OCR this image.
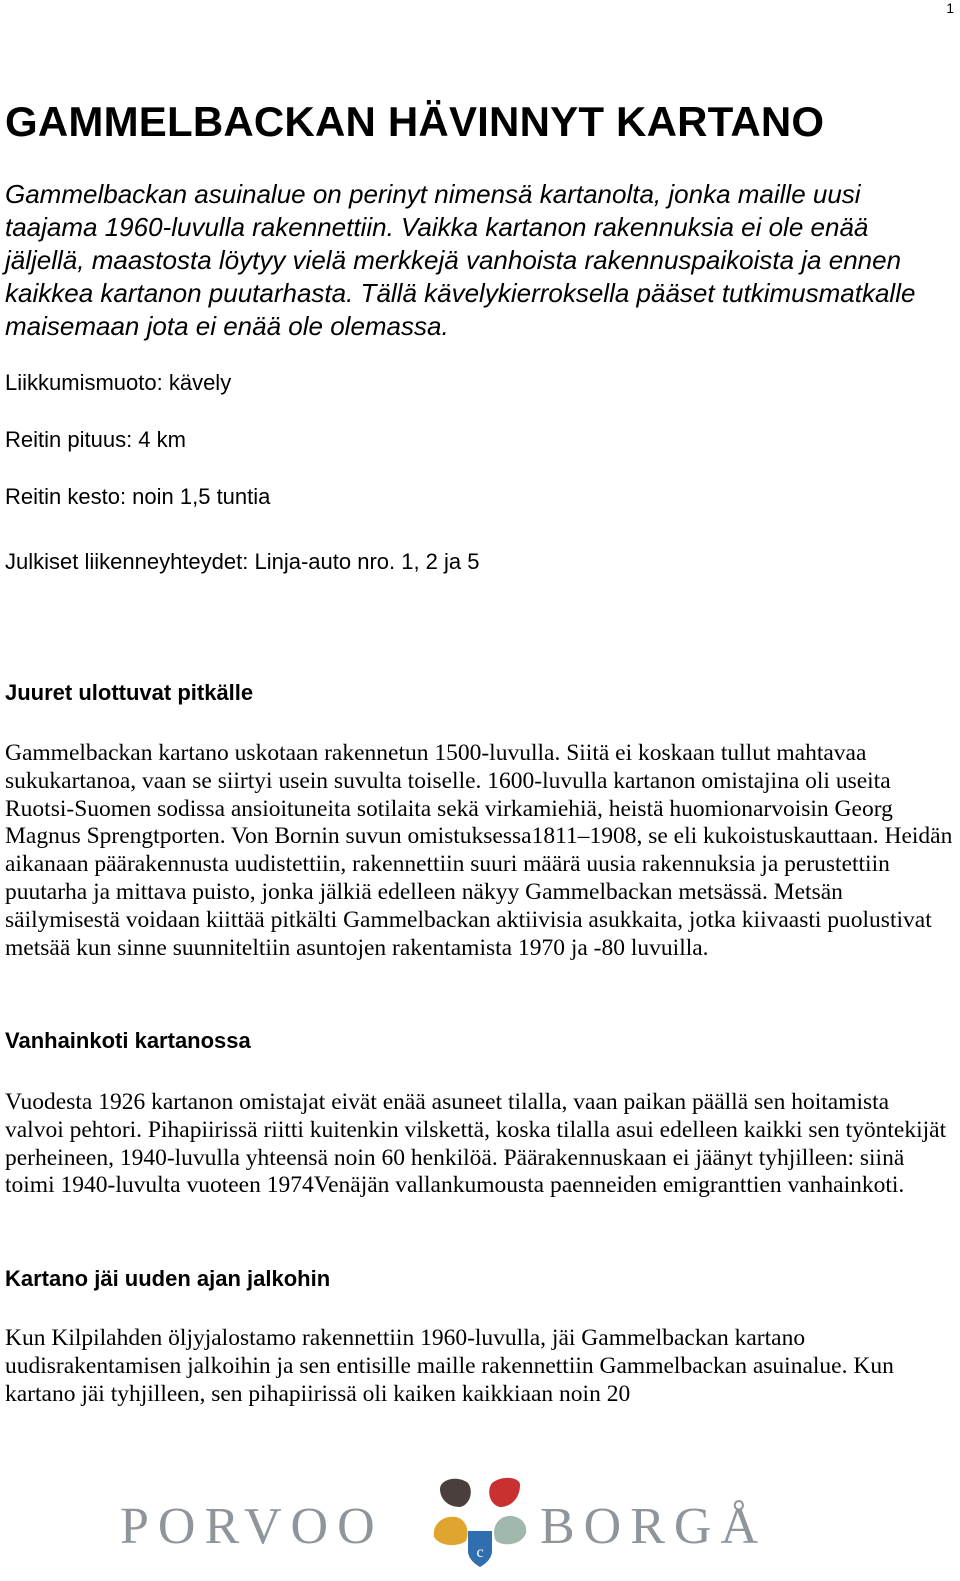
1
GAMMELBACKAN HÄVINNYT KARTANO

Gammelbackan asuinalue on perinyt nimensä kartanolta, jonka maille uusi taajama 1960-luvulla rakennettiin. Vaikka kartanon rakennuksia ei ole enää jäljellä, maastosta löytyy vielä merkkejä vanhoista rakennuspaikoista ja ennen kaikkea kartanon puutarhasta. Tällä kävelykierroksella pääset tutkimusmatkalle maisemaan jota ei enää ole olemassa.

Liikkumismuoto: kävely

Reitin pituus: 4 km

Reitin kesto: noin 1,5 tuntia

Julkiset liikenneyhteydet: Linja-auto nro. 1, 2 ja 5

Juuret ulottuvat pitkälle

Gammelbackan kartano uskotaan rakennetun 1500-luvulla. Siitä ei koskaan tullut mahtavaa sukukartanoa, vaan se siirtyi usein suvulta toiselle. 1600-luvulla kartanon omistajina oli useita Ruotsi-Suomen sodissa ansioituneita sotilaita sekä virkamiehiä, heistä huomionarvoisin Georg Magnus Sprengtporten. Von Bornin suvun omistuksessa1811–1908, se eli kukoistuskauttaan. Heidän aikanaan päärakennusta uudistettiin, rakennettiin suuri määrä uusia rakennuksia ja perustettiin puutarha ja mittava puisto, jonka jälkiä edelleen näkyy Gammelbackan metsässä. Metsän säilymisestä voidaan kiittää pitkälti Gammelbackan aktiivisia asukkaita, jotka kiivaasti puolustivat metsää kun sinne suunniteltiin asuntojen rakentamista 1970 ja -80 luvuilla.

Vanhainkoti kartanossa

Vuodesta 1926 kartanon omistajat eivät enää asuneet tilalla, vaan paikan päällä sen hoitamista valvoi pehtori. Pihapiirissä riitti kuitenkin vilskettä, koska tilalla asui edelleen kaikki sen työntekijät perheineen, 1940-luvulla yhteensä noin 60 henkilöä. Päärakennuskaan ei jäänyt tyhjilleen: siinä toimi 1940-luvulta vuoteen 1974Venäjän vallankumousta paenneiden emigranttien vanhainkoti.

Kartano jäi uuden ajan jalkohin

Kun Kilpilahden öljyjalostamo rakennettiin 1960-luvulla, jäi Gammelbackan kartano uudisrakentamisen jalkoihin ja sen entisille maille rakennettiin Gammelbackan asuinalue. Kun kartano jäi tyhjilleen, sen pihapiirissä oli kaiken kaikkiaan noin 20

PORVOO	c BORGÅ
